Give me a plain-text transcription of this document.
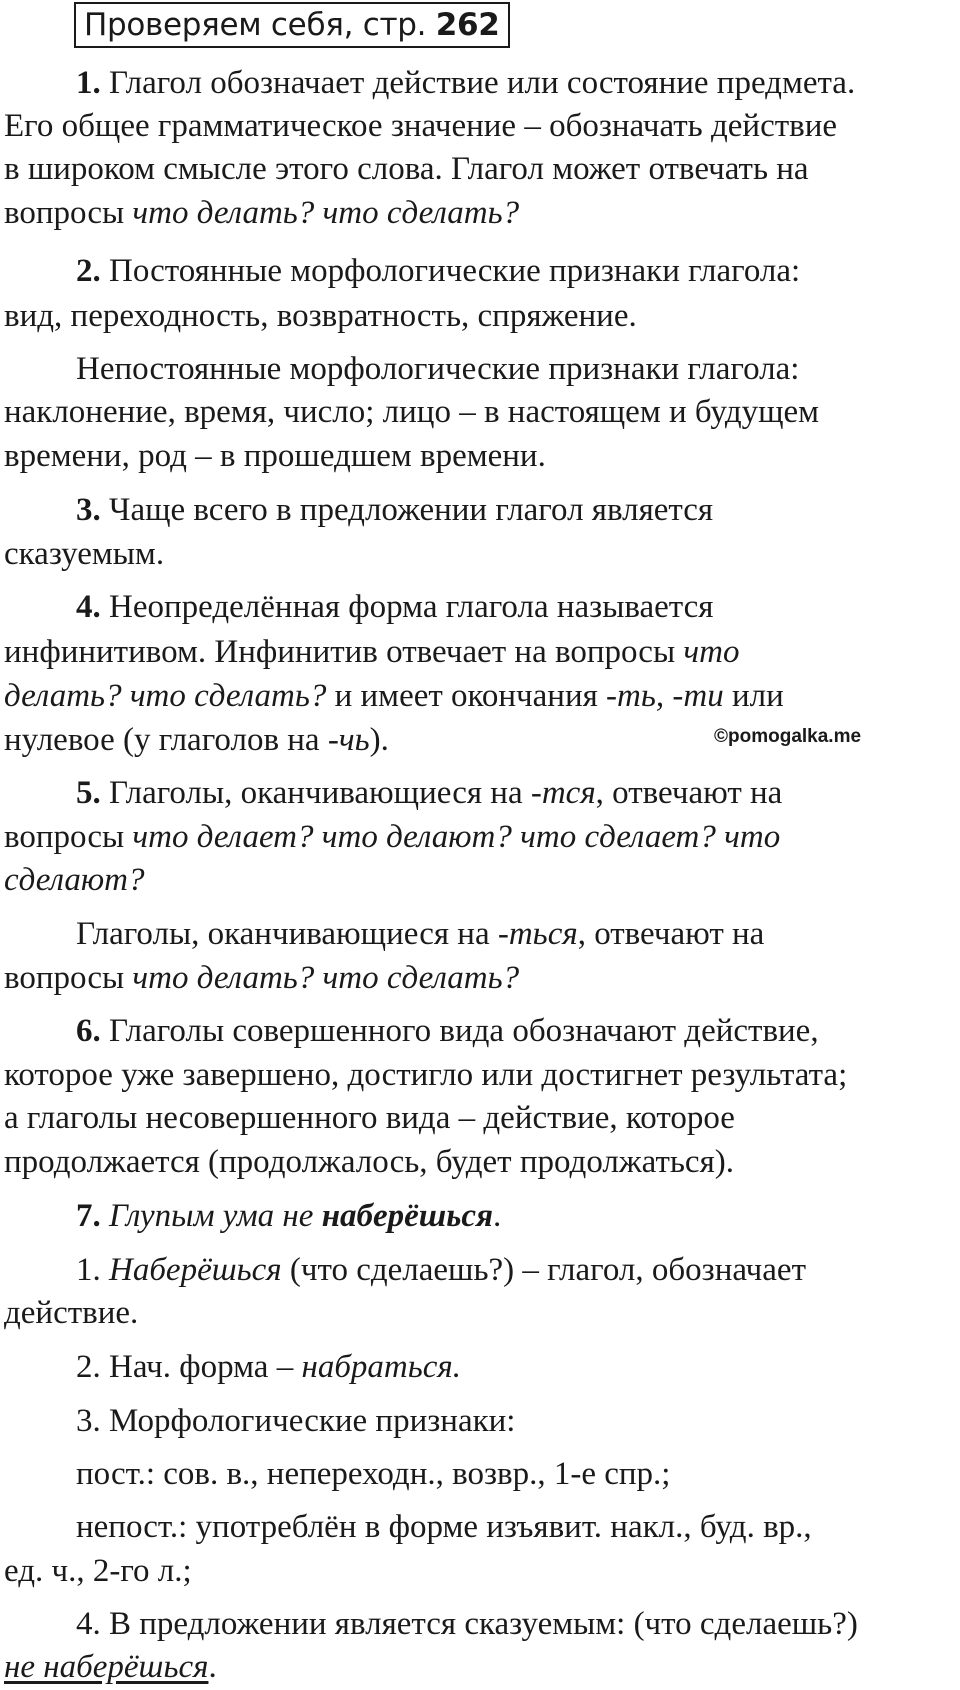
Проверяем себя, стр. 262
1. Глагол обозначает действие или состояние предмета.
Его общее грамматическое значение – обозначать действие
в широком смысле этого слова. Глагол может отвечать на
вопросы что делать? что сделать?
2. Постоянные морфологические признаки глагола:
вид, переходность, возвратность, спряжение.
Непостоянные морфологические признаки глагола:
наклонение, время, число; лицо – в настоящем и будущем
времени, род – в прошедшем времени.
3. Чаще всего в предложении глагол является
сказуемым.
4. Неопределённая форма глагола называется
инфинитивом. Инфинитив отвечает на вопросы что
делать? что сделать? и имеет окончания -ть, -ти или
нулевое (у глаголов на -чь).	©pomogalka.me
5. Глаголы, оканчивающиеся на -тся, отвечают на
вопросы что делает? что делают? что сделает? что
сделают?
Глаголы, оканчивающиеся на -ться, отвечают на
вопросы что делать? что сделать?
6. Глаголы совершенного вида обозначают действие,
которое уже завершено, достигло или достигнет результата;
а глаголы несовершенного вида – действие, которое
продолжается (продолжалось, будет продолжаться).
7. Глупым ума не наберёшься.
1. Наберёшься (что сделаешь?) – глагол, обозначает
действие.
2. Нач. форма – набраться.
3. Морфологические признаки:
пост.: сов. в., непереходн., возвр., 1-е спр.;
непост.: употреблён в форме изъявит. накл., буд. вр.,
ед. ч., 2-го л.;
4. В предложении является сказуемым: (что сделаешь?)
не наберёшься.
